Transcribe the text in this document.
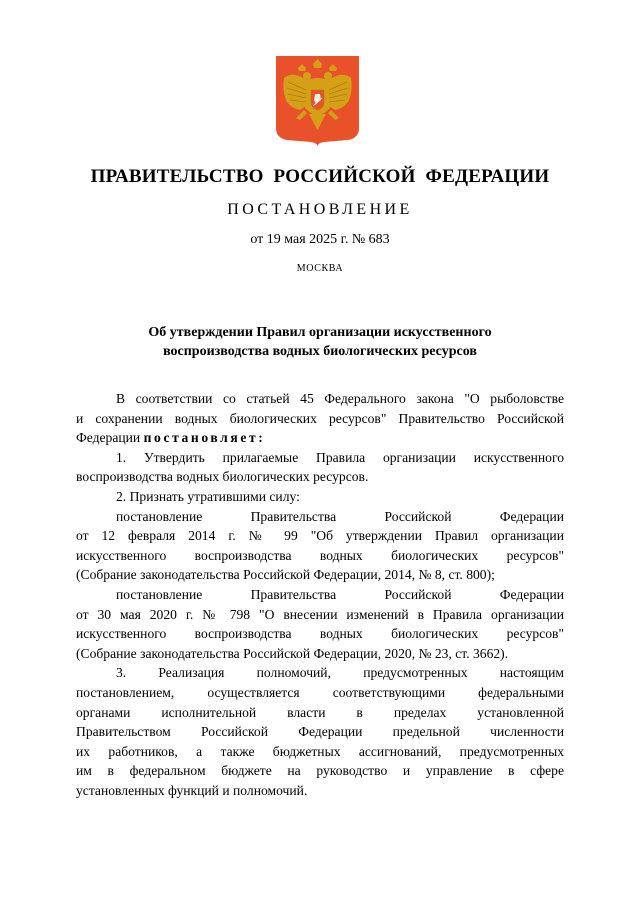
ПРАВИТЕЛЬСТВО РОССИЙСКОЙ ФЕДЕРАЦИИ
ПОСТАНОВЛЕНИЕ
от 19 мая 2025 г. № 683
МОСКВА
Об утверждении Правил организации искусственного
воспроизводства водных биологических ресурсов
В соответствии со статьей 45 Федерального закона "О рыболовстве
и сохранении водных биологических ресурсов" Правительство Российской
Федерации постановляет:
1. Утвердить прилагаемые Правила организации искусственного
воспроизводства водных биологических ресурсов.
2. Признать утратившими силу:
постановление Правительства Российской Федерации
от 12 февраля 2014 г. № 99 "Об утверждении Правил организации
искусственного воспроизводства водных биологических ресурсов"
(Собрание законодательства Российской Федерации, 2014, № 8, ст. 800);
постановление Правительства Российской Федерации
от 30 мая 2020 г. № 798 "О внесении изменений в Правила организации
искусственного воспроизводства водных биологических ресурсов"
(Собрание законодательства Российской Федерации, 2020, № 23, ст. 3662).
3. Реализация полномочий, предусмотренных настоящим
постановлением, осуществляется соответствующими федеральными
органами исполнительной власти в пределах установленной
Правительством Российской Федерации предельной численности
их работников, а также бюджетных ассигнований, предусмотренных
им в федеральном бюджете на руководство и управление в сфере
установленных функций и полномочий.
